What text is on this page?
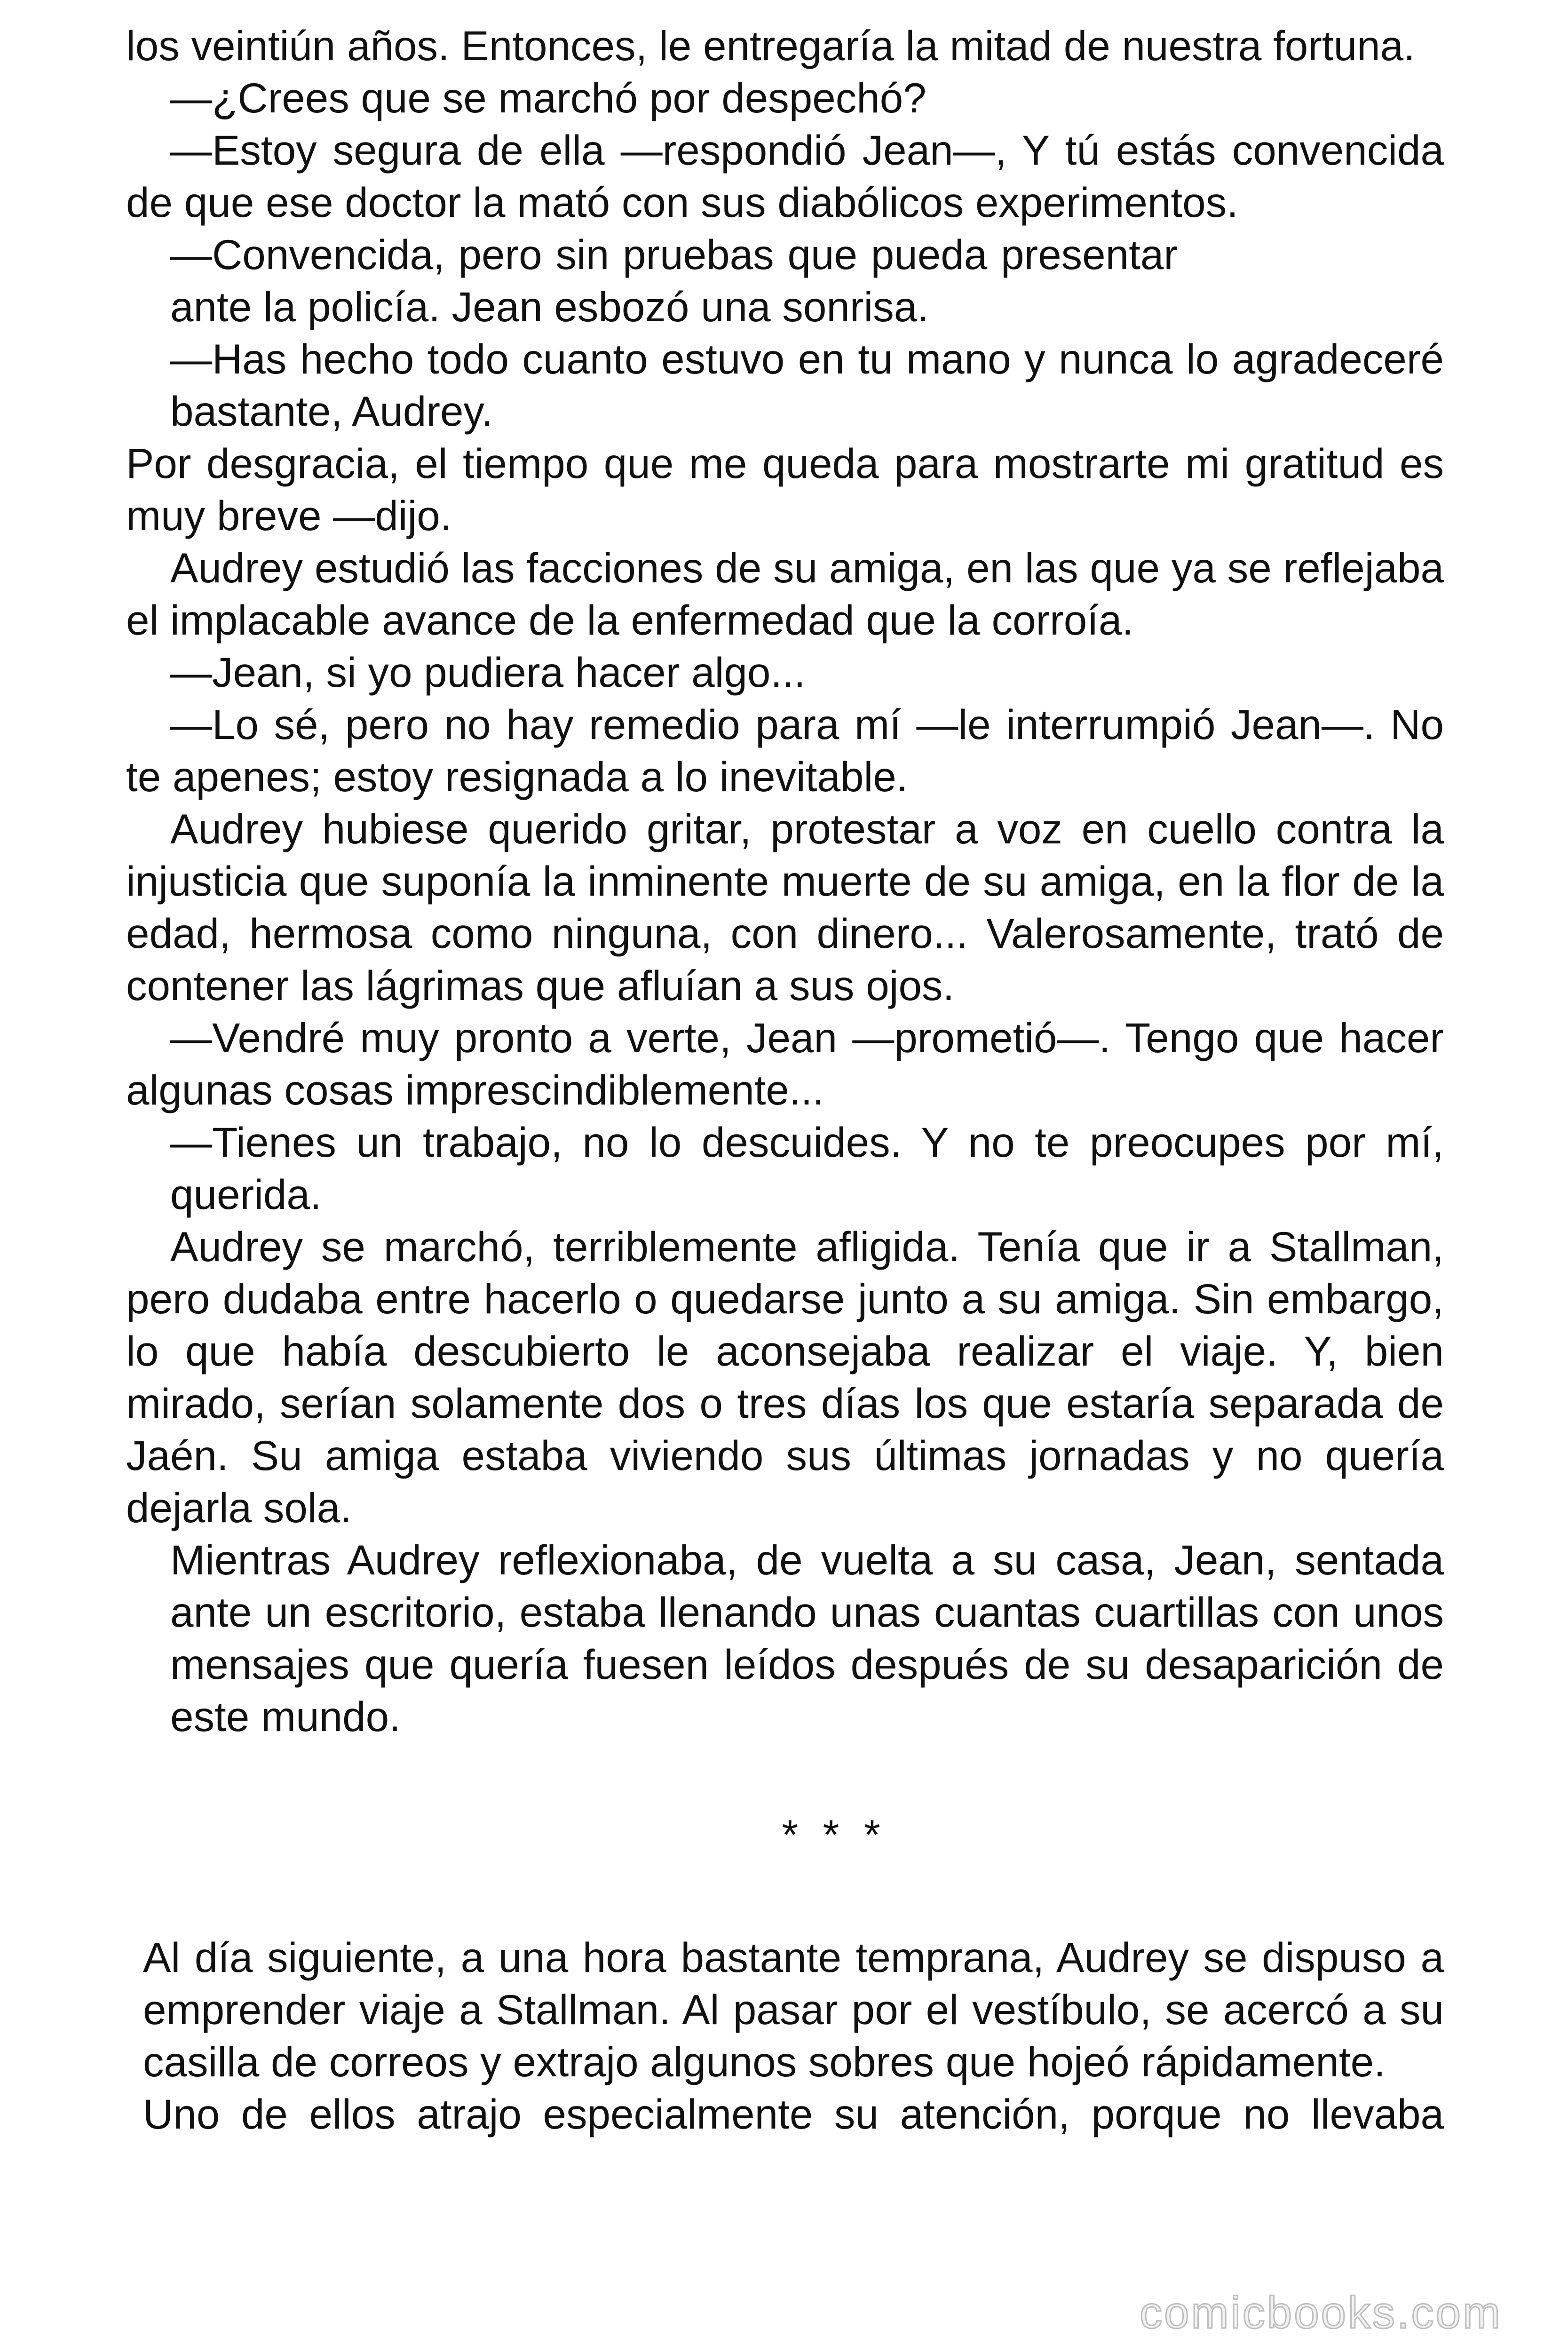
los veintiún años. Entonces, le entregaría la mitad de nuestra fortuna.

—¿Crees que se marchó por despechó?

—Estoy segura de ella —respondió Jean—, Y tú estás convencida de que ese doctor la mató con sus diabólicos experimentos.

—Convencida, pero sin pruebas que pueda presentar ante la policía. Jean esbozó una sonrisa.

—Has hecho todo cuanto estuvo en tu mano y nunca lo agradeceré bastante, Audrey.

Por desgracia, el tiempo que me queda para mostrarte mi gratitud es muy breve —dijo.

Audrey estudió las facciones de su amiga, en las que ya se reflejaba el implacable avance de la enfermedad que la corroía.

—Jean, si yo pudiera hacer algo...

—Lo sé, pero no hay remedio para mí —le interrumpió Jean—. No te apenes; estoy resignada a lo inevitable.

Audrey hubiese querido gritar, protestar a voz en cuello contra la injusticia que suponía la inminente muerte de su amiga, en la flor de la edad, hermosa como ninguna, con dinero... Valerosamente, trató de contener las lágrimas que afluían a sus ojos.

—Vendré muy pronto a verte, Jean —prometió—. Tengo que hacer algunas cosas imprescindiblemente...

—Tienes un trabajo, no lo descuides. Y no te preocupes por mí, querida.

Audrey se marchó, terriblemente afligida. Tenía que ir a Stallman, pero dudaba entre hacerlo o quedarse junto a su amiga. Sin embargo, lo que había descubierto le aconsejaba realizar el viaje. Y, bien mirado, serían solamente dos o tres días los que estaría separada de Jaén. Su amiga estaba viviendo sus últimas jornadas y no quería dejarla sola.

Mientras Audrey reflexionaba, de vuelta a su casa, Jean, sentada ante un escritorio, estaba llenando unas cuantas cuartillas con unos mensajes que quería fuesen leídos después de su desaparición de este mundo.

* * *

Al día siguiente, a una hora bastante temprana, Audrey se dispuso a emprender viaje a Stallman. Al pasar por el vestíbulo, se acercó a su casilla de correos y extrajo algunos sobres que hojeó rápidamente.

Uno de ellos atrajo especialmente su atención, porque no llevaba

comicbooks.com
